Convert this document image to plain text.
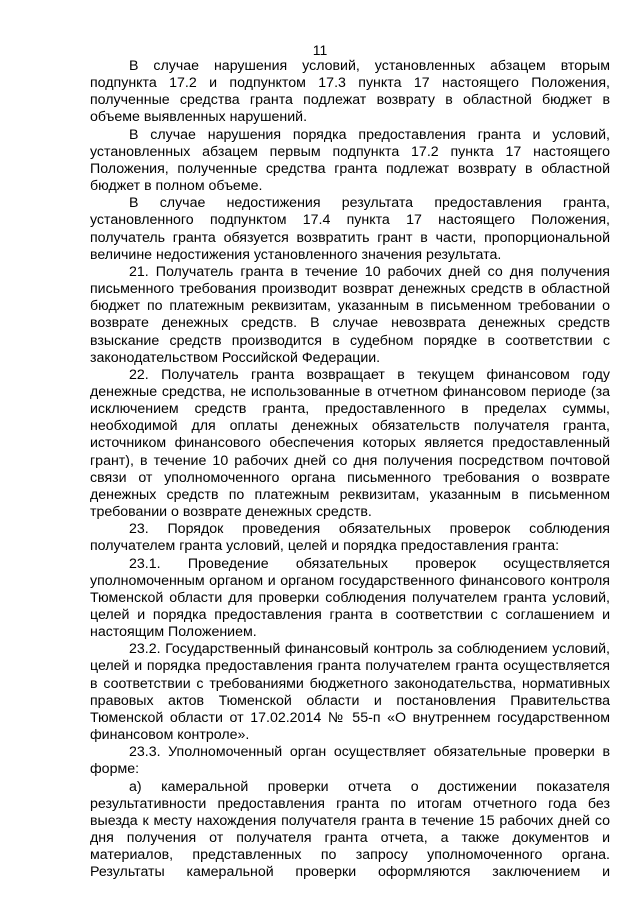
11

В случае нарушения условий, установленных абзацем вторым подпункта 17.2 и подпунктом 17.3 пункта 17 настоящего Положения, полученные средства гранта подлежат возврату в областной бюджет в объеме выявленных нарушений.

В случае нарушения порядка предоставления гранта и условий, установленных абзацем первым подпункта 17.2 пункта 17 настоящего Положения, полученные средства гранта подлежат возврату в областной бюджет в полном объеме.

В случае недостижения результата предоставления гранта, установленного подпунктом 17.4 пункта 17 настоящего Положения, получатель гранта обязуется возвратить грант в части, пропорциональной величине недостижения установленного значения результата.

21. Получатель гранта в течение 10 рабочих дней со дня получения письменного требования производит возврат денежных средств в областной бюджет по платежным реквизитам, указанным в письменном требовании о возврате денежных средств. В случае невозврата денежных средств взыскание средств производится в судебном порядке в соответствии с законодательством Российской Федерации.

22. Получатель гранта возвращает в текущем финансовом году денежные средства, не использованные в отчетном финансовом периоде (за исключением средств гранта, предоставленного в пределах суммы, необходимой для оплаты денежных обязательств получателя гранта, источником финансового обеспечения которых является предоставленный грант), в течение 10 рабочих дней со дня получения посредством почтовой связи от уполномоченного органа письменного требования о возврате денежных средств по платежным реквизитам, указанным в письменном требовании о возврате денежных средств.

23. Порядок проведения обязательных проверок соблюдения получателем гранта условий, целей и порядка предоставления гранта:

23.1. Проведение обязательных проверок осуществляется уполномоченным органом и органом государственного финансового контроля Тюменской области для проверки соблюдения получателем гранта условий, целей и порядка предоставления гранта в соответствии с соглашением и настоящим Положением.

23.2. Государственный финансовый контроль за соблюдением условий, целей и порядка предоставления гранта получателем гранта осуществляется в соответствии с требованиями бюджетного законодательства, нормативных правовых актов Тюменской области и постановления Правительства Тюменской области от 17.02.2014 № 55-п «О внутреннем государственном финансовом контроле».

23.3. Уполномоченный орган осуществляет обязательные проверки в форме:

а) камеральной проверки отчета о достижении показателя результативности предоставления гранта по итогам отчетного года без выезда к месту нахождения получателя гранта в течение 15 рабочих дней со дня получения от получателя гранта отчета, а также документов и материалов, представленных по запросу уполномоченного органа. Результаты камеральной проверки оформляются заключением и
